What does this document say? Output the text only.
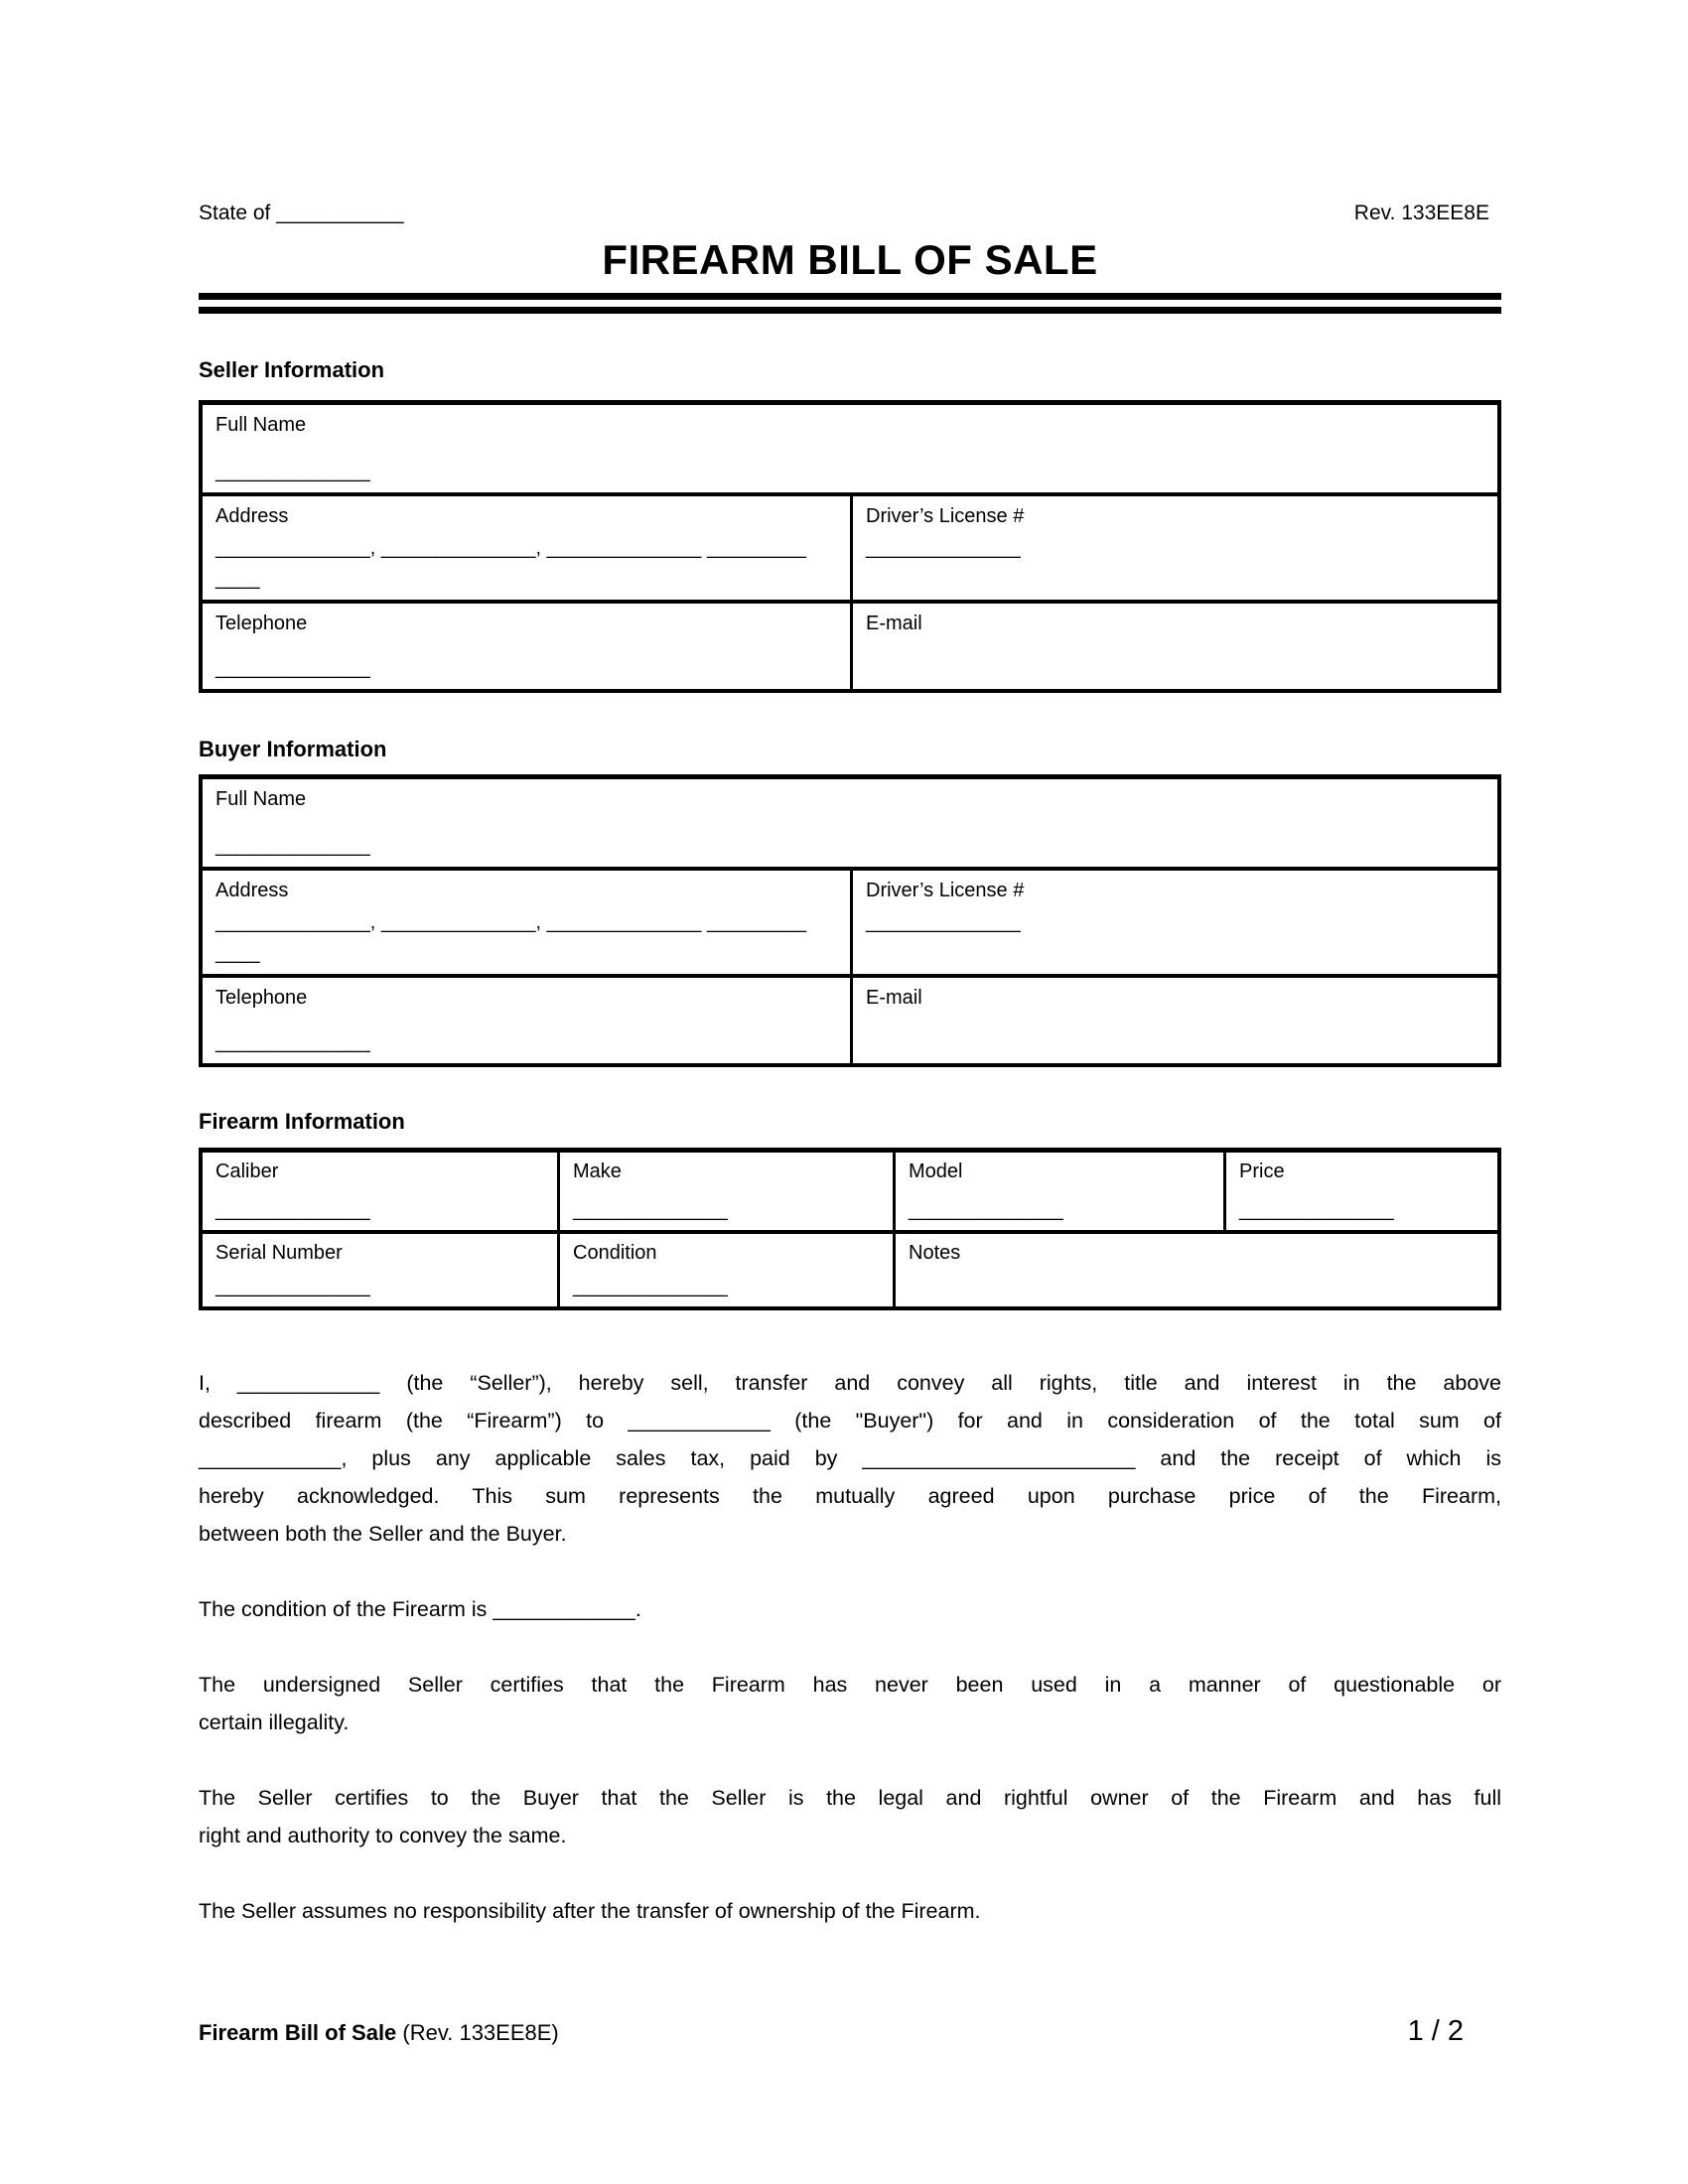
State of ___________	Rev. 133EE8E
FIREARM BILL OF SALE
Seller Information
Full Name
______________
Address
______________, ______________, ______________ _________
____
Driver’s License #
______________
Telephone
______________
E-mail
Buyer Information
Full Name
______________
Address
______________, ______________, ______________ _________
____
Driver’s License #
______________
Telephone
______________
E-mail
Firearm Information
Caliber
______________
Make
______________
Model
______________
Price
______________
Serial Number
______________
Condition
______________
Notes
I, ____________ (the “Seller”), hereby sell, transfer and convey all rights, title and interest in the above
described firearm (the “Firearm”) to ____________ (the "Buyer") for and in consideration of the total sum of
____________, plus any applicable sales tax, paid by _______________________ and the receipt of which is
hereby acknowledged. This sum represents the mutually agreed upon purchase price of the Firearm,
between both the Seller and the Buyer.
The condition of the Firearm is ____________.
The undersigned Seller certifies that the Firearm has never been used in a manner of questionable or
certain illegality.
The Seller certifies to the Buyer that the Seller is the legal and rightful owner of the Firearm and has full
right and authority to convey the same.
The Seller assumes no responsibility after the transfer of ownership of the Firearm.
Firearm Bill of Sale (Rev. 133EE8E)	1 / 2
